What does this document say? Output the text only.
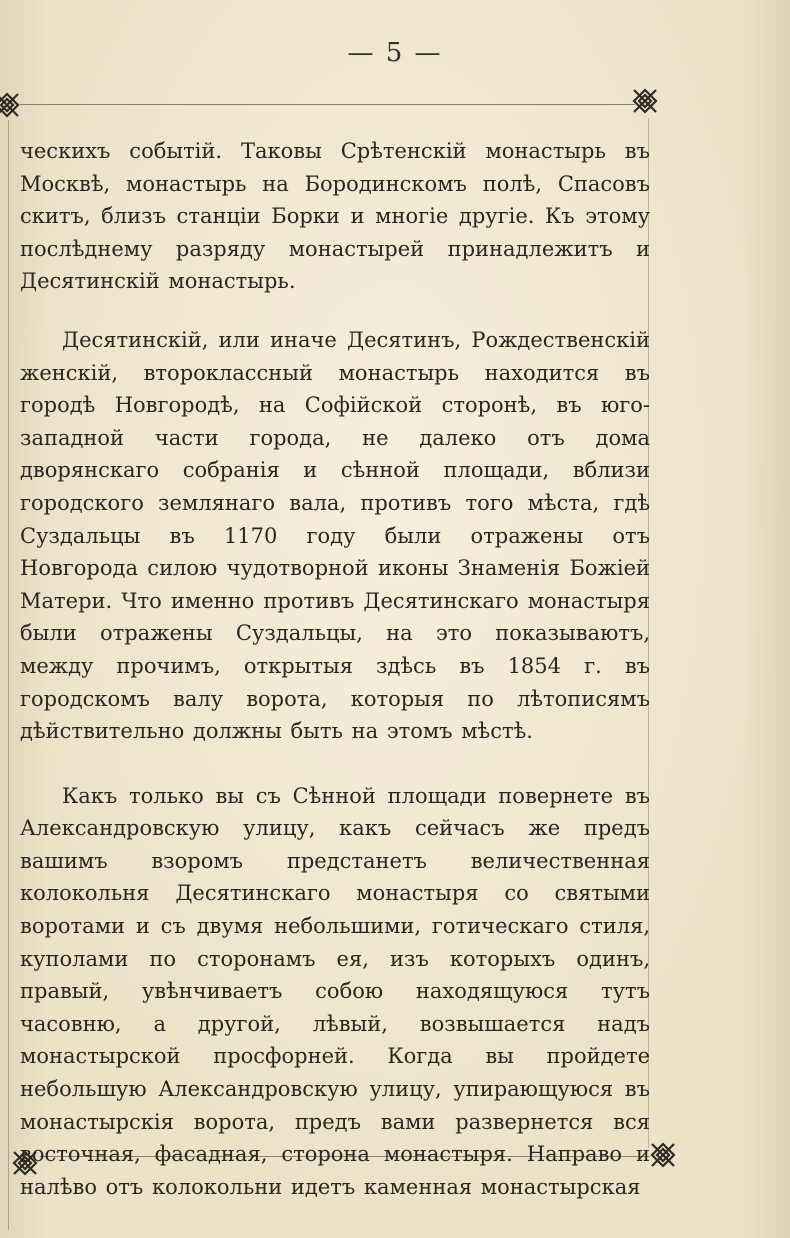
— 5 —

ческихъ событій. Таковы Срѣтенскій монастырь въ Москвѣ, монастырь на Бородинскомъ полѣ, Спасовъ скитъ, близъ станціи Борки и многіе другіе. Къ этому послѣднему разряду монастырей принадлежитъ и Десятинскій монастырь.

Десятинскій, или иначе Десятинъ, Рождественскій женскій, второклассный монастырь находится въ городѣ Новгородѣ, на Софійской сторонѣ, въ юго-западной части города, не далеко отъ дома дворянскаго собранія и сѣнной площади, вблизи городского землянаго вала, противъ того мѣста, гдѣ Суздальцы въ 1170 году были отражены отъ Новгорода силою чудотворной иконы Знаменія Божіей Матери. Что именно противъ Десятинскаго монастыря были отражены Суздальцы, на это показываютъ, между прочимъ, открытыя здѣсь въ 1854 г. въ городскомъ валу ворота, которыя по лѣтописямъ дѣйствительно должны быть на этомъ мѣстѣ.

Какъ только вы съ Сѣнной площади повернете въ Александровскую улицу, какъ сейчасъ же предъ вашимъ взоромъ предстанетъ величественная колокольня Десятинскаго монастыря со святыми воротами и съ двумя небольшими, готическаго стиля, куполами по сторонамъ ея, изъ которыхъ одинъ, правый, увѣнчиваетъ собою находящуюся тутъ часовню, а другой, лѣвый, возвышается надъ монастырской просфорней. Когда вы пройдете небольшую Александровскую улицу, упирающуюся въ монастырскія ворота, предъ вами развернется вся восточная, фасадная, сторона монастыря. Направо и налѣво отъ колокольни идетъ каменная монастырская
